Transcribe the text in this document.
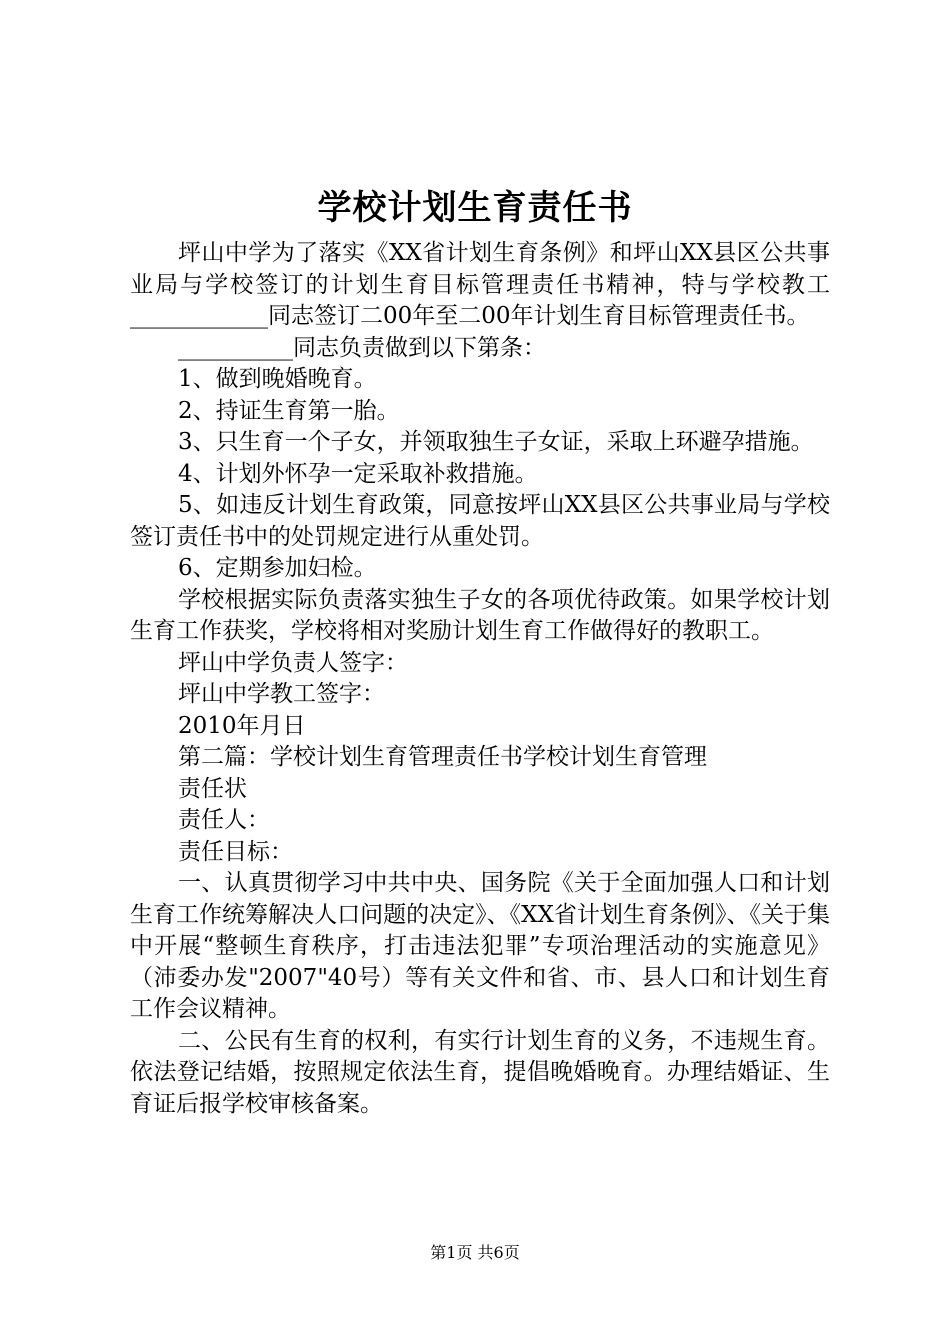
学校计划生育责任书

坪山中学为了落实《XX省计划生育条例》和坪山XX县区公共事业局与学校签订的计划生育目标管理责任书精神，特与学校教工____________同志签订二00年至二00年计划生育目标管理责任书。

__________同志负责做到以下第条：

1、做到晚婚晚育。

2、持证生育第一胎。

3、只生育一个子女，并领取独生子女证，采取上环避孕措施。

4、计划外怀孕一定采取补救措施。

5、如违反计划生育政策，同意按坪山XX县区公共事业局与学校签订责任书中的处罚规定进行从重处罚。

6、定期参加妇检。

学校根据实际负责落实独生子女的各项优待政策。如果学校计划生育工作获奖，学校将相对奖励计划生育工作做得好的教职工。

坪山中学负责人签字：

坪山中学教工签字：

2010年月日

第二篇：学校计划生育管理责任书学校计划生育管理

责任状

责任人：

责任目标：

一、认真贯彻学习中共中央、国务院《关于全面加强人口和计划生育工作统筹解决人口问题的决定》、《XX省计划生育条例》、《关于集中开展“整顿生育秩序，打击违法犯罪”专项治理活动的实施意见》（沛委办发"2007"40号）等有关文件和省、市、县人口和计划生育工作会议精神。

二、公民有生育的权利，有实行计划生育的义务，不违规生育。依法登记结婚，按照规定依法生育，提倡晚婚晚育。办理结婚证、生育证后报学校审核备案。

第1页 共6页
